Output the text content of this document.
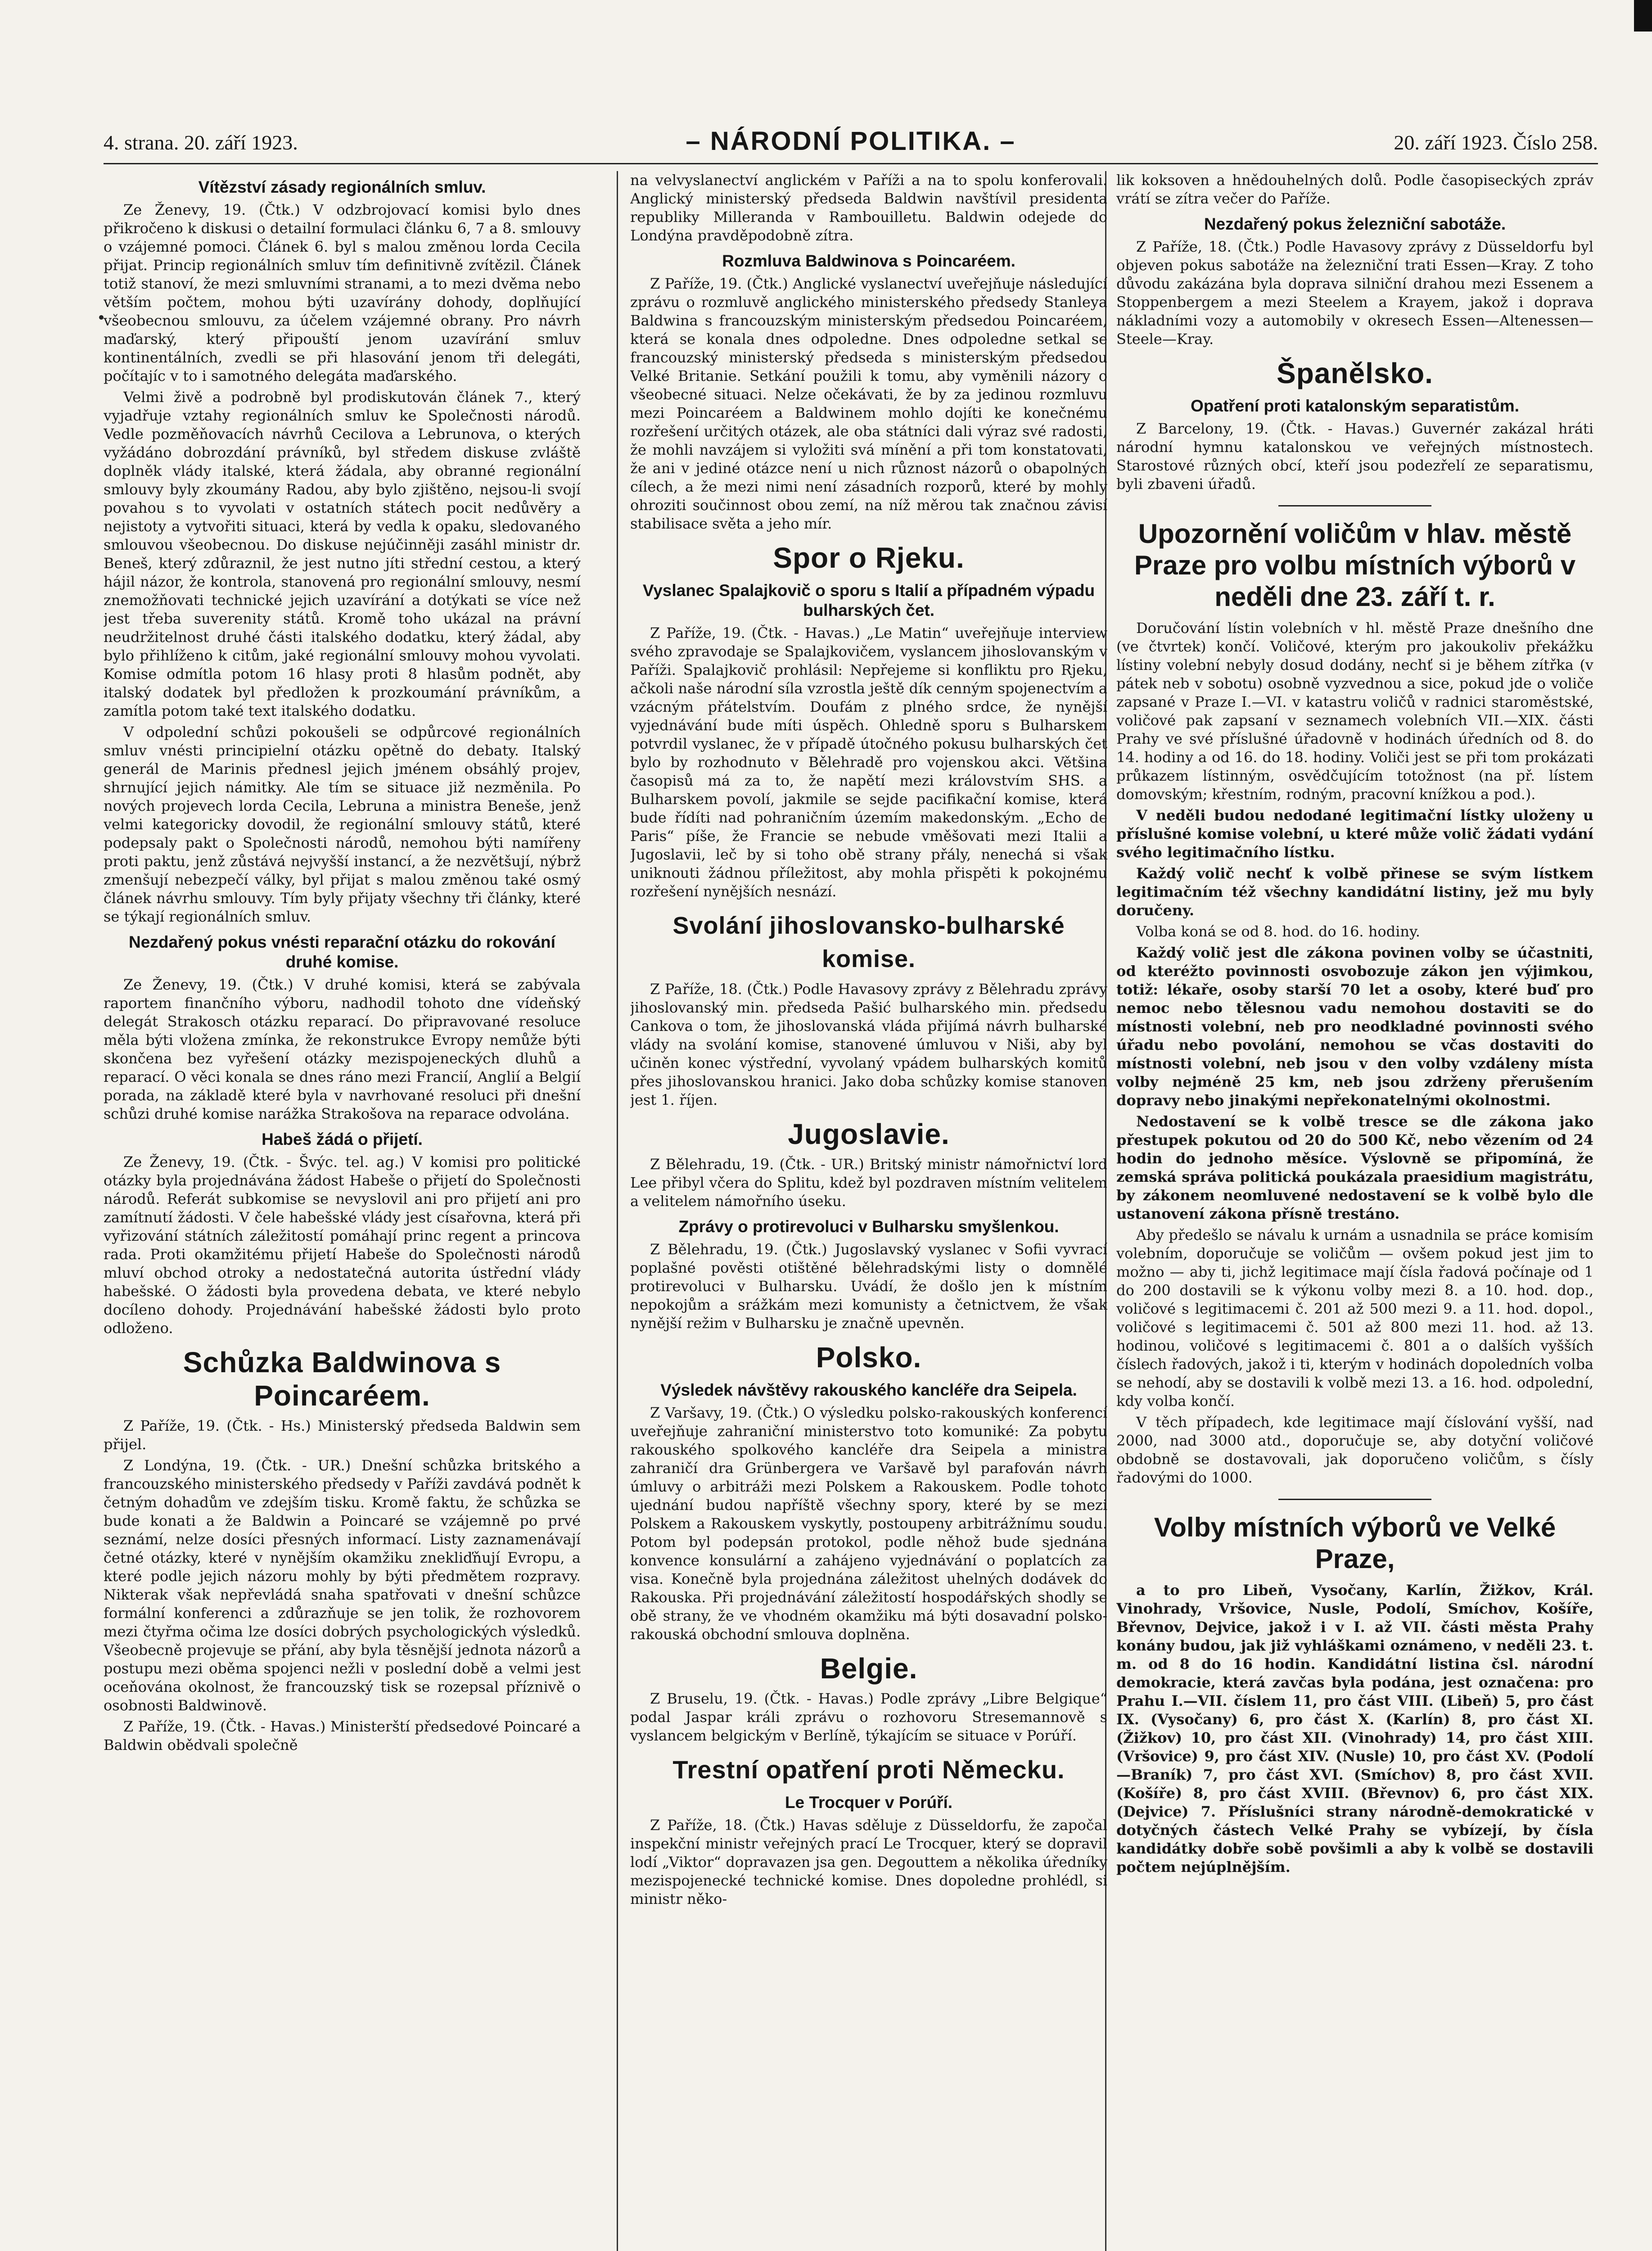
4. strana. 20. září 1923.	– NÁRODNÍ POLITIKA. –	20. září 1923. Číslo 258.
Vítězství zásady regionálních smluv.

Ze Ženevy, 19. (Čtk.) V odzbrojovací komisi bylo dnes přikročeno k diskusi o detailní formulaci článku 6, 7 a 8. smlouvy o vzájemné pomoci. Článek 6. byl s malou změnou lorda Cecila přijat. Princip regionálních smluv tím definitivně zvítězil. Článek totiž stanoví, že mezi smluvními stranami, a to mezi dvěma nebo větším počtem, mohou býti uzavírány dohody, doplňující všeobecnou smlouvu, za účelem vzájemné obrany. Pro návrh maďarský, který připouští jenom uzavírání smluv kontinentálních, zvedli se při hlasování jenom tři delegáti, počítajíc v to i samotného delegáta maďarského.

Velmi živě a podrobně byl prodiskutován článek 7., který vyjadřuje vztahy regionálních smluv ke Společnosti národů. Vedle pozměňovacích návrhů Cecilova a Lebrunova, o kterých vyžádáno dobrozdání právníků, byl středem diskuse zvláště doplněk vlády italské, která žádala, aby obranné regionální smlouvy byly zkoumány Radou, aby bylo zjištěno, nejsou-li svojí povahou s to vyvolati v ostatních státech pocit nedůvěry a nejistoty a vytvořiti situaci, která by vedla k opaku, sledovaného smlouvou všeobecnou. Do diskuse nejúčinněji zasáhl ministr dr. Beneš, který zdůraznil, že jest nutno jíti střední cestou, a který hájil názor, že kontrola, stanovená pro regionální smlouvy, nesmí znemožňovati technické jejich uzavírání a dotýkati se více než jest třeba suverenity států. Kromě toho ukázal na právní neudržitelnost druhé části italského dodatku, který žádal, aby bylo přihlíženo k citům, jaké regionální smlouvy mohou vyvolati. Komise odmítla potom 16 hlasy proti 8 hlasům podnět, aby italský dodatek byl předložen k prozkoumání právníkům, a zamítla potom také text italského dodatku.

V odpolední schůzi pokoušeli se odpůrcové regionálních smluv vnésti principielní otázku opětně do debaty. Italský generál de Marinis přednesl jejich jménem obsáhlý projev, shrnující jejich námitky. Ale tím se situace již nezměnila. Po nových projevech lorda Cecila, Lebruna a ministra Beneše, jenž velmi kategoricky dovodil, že regionální smlouvy států, které podepsaly pakt o Společnosti národů, nemohou býti namířeny proti paktu, jenž zůstává nejvyšší instancí, a že nezvětšují, nýbrž zmenšují nebezpečí války, byl přijat s malou změnou také osmý článek návrhu smlouvy. Tím byly přijaty všechny tři články, které se týkají regionálních smluv.

Nezdařený pokus vnésti reparační otázku do rokování druhé komise.

Ze Ženevy, 19. (Čtk.) V druhé komisi, která se zabývala raportem finančního výboru, nadhodil tohoto dne vídeňský delegát Strakosch otázku reparací. Do připravované resoluce měla býti vložena zmínka, že rekonstrukce Evropy nemůže býti skončena bez vyřešení otázky mezispojeneckých dluhů a reparací. O věci konala se dnes ráno mezi Francií, Anglií a Belgií porada, na základě které byla v navrhované resoluci při dnešní schůzi druhé komise narážka Strakošova na reparace odvolána.

Habeš žádá o přijetí.

Ze Ženevy, 19. (Čtk. - Švýc. tel. ag.) V komisi pro politické otázky byla projednávána žádost Habeše o přijetí do Společnosti národů. Referát subkomise se nevyslovil ani pro přijetí ani pro zamítnutí žádosti. V čele habešské vlády jest císařovna, která při vyřizování státních záležitostí pomáhají princ regent a princova rada. Proti okamžitému přijetí Habeše do Společnosti národů mluví obchod otroky a nedostatečná autorita ústřední vlády habešské. O žádosti byla provedena debata, ve které nebylo docíleno dohody. Projednávání habešské žádosti bylo proto odloženo.

Schůzka Baldwinova s Poincaréem.

Z Paříže, 19. (Čtk. - Hs.) Ministerský předseda Baldwin sem přijel.

Z Londýna, 19. (Čtk. - UR.) Dnešní schůzka britského a francouzského ministerského předsedy v Paříži zavdává podnět k četným dohadům ve zdejším tisku. Kromě faktu, že schůzka se bude konati a že Baldwin a Poincaré se vzájemně po prvé seznámí, nelze dosíci přesných informací. Listy zaznamenávají četné otázky, které v nynějším okamžiku znekliďňují Evropu, a které podle jejich názoru mohly by býti předmětem rozpravy. Nikterak však nepřevládá snaha spatřovati v dnešní schůzce formální konferenci a zdůrazňuje se jen tolik, že rozhovorem mezi čtyřma očima lze dosíci dobrých psychologických výsledků. Všeobecně projevuje se přání, aby byla těsnější jednota názorů a postupu mezi oběma spojenci nežli v poslední době a velmi jest oceňována okolnost, že francouzský tisk se rozepsal příznivě o osobnosti Baldwinově.

Z Paříže, 19. (Čtk. - Havas.) Ministerští předsedové Poincaré a Baldwin obědvali společně

na velvyslanectví anglickém v Paříži a na to spolu konferovali. Anglický ministerský předseda Baldwin navštívil presidenta republiky Milleranda v Rambouilletu. Baldwin odejede do Londýna pravděpodobně zítra.

Rozmluva Baldwinova s Poincaréem.

Z Paříže, 19. (Čtk.) Anglické vyslanectví uveřejňuje následující zprávu o rozmluvě anglického ministerského předsedy Stanleya Baldwina s francouzským ministerským předsedou Poincaréem, která se konala dnes odpoledne. Dnes odpoledne setkal se francouzský ministerský předseda s ministerským předsedou Velké Britanie. Setkání použili k tomu, aby vyměnili názory o všeobecné situaci. Nelze očekávati, že by za jedinou rozmluvu mezi Poincaréem a Baldwinem mohlo dojíti ke konečnému rozřešení určitých otázek, ale oba státníci dali výraz své radosti, že mohli navzájem si vyložiti svá mínění a při tom konstatovati, že ani v jediné otázce není u nich různost názorů o obapolných cílech, a že mezi nimi není zásadních rozporů, které by mohly ohroziti součinnost obou zemí, na níž měrou tak značnou závisí stabilisace světa a jeho mír.

Spor o Rjeku.
Vyslanec Spalajkovič o sporu s Italií a případném výpadu bulharských čet.

Z Paříže, 19. (Čtk. - Havas.) „Le Matin“ uveřejňuje interview svého zpravodaje se Spalajkovičem, vyslancem jihoslovanským v Paříži. Spalajkovič prohlásil: Nepřejeme si konfliktu pro Rjeku, ačkoli naše národní síla vzrostla ještě dík cenným spojenectvím a vzácným přátelstvím. Doufám z plného srdce, že nynější vyjednávání bude míti úspěch. Ohledně sporu s Bulharskem potvrdil vyslanec, že v případě útočného pokusu bulharských čet bylo by rozhodnuto v Bělehradě pro vojenskou akci. Většina časopisů má za to, že napětí mezi královstvím SHS. a Bulharskem povolí, jakmile se sejde pacifikační komise, která bude řídíti nad pohraničním územím makedonským. „Echo de Paris“ píše, že Francie se nebude vměšovati mezi Italii a Jugoslavii, leč by si toho obě strany přály, nenechá si však uniknouti žádnou příležitost, aby mohla přispěti k pokojnému rozřešení nynějších nesnází.

Svolání jihoslovansko-bulharské komise.

Z Paříže, 18. (Čtk.) Podle Havasovy zprávy z Bělehradu zprávy jihoslovanský min. předseda Pašić bulharského min. předsedu Cankova o tom, že jihoslovanská vláda přijímá návrh bulharské vlády na svolání komise, stanovené úmluvou v Niši, aby byl učiněn konec výstřední, vyvolaný vpádem bulharských komitů přes jihoslovanskou hranici. Jako doba schůzky komise stanoven jest 1. říjen.

Jugoslavie.

Z Bělehradu, 19. (Čtk. - UR.) Britský ministr námořnictví lord Lee přibyl včera do Splitu, kdež byl pozdraven místním velitelem a velitelem námořního úseku.

Zprávy o protirevoluci v Bulharsku smyšlenkou.

Z Bělehradu, 19. (Čtk.) Jugoslavský vyslanec v Sofii vyvrací poplašné pověsti otištěné bělehradskými listy o domnělé protirevoluci v Bulharsku. Uvádí, že došlo jen k místním nepokojům a srážkám mezi komunisty a četnictvem, že však nynější režim v Bulharsku je značně upevněn.

Polsko.
Výsledek návštěvy rakouského kancléře dra Seipela.

Z Varšavy, 19. (Čtk.) O výsledku polsko-rakouských konferencí uveřejňuje zahraniční ministerstvo toto komuniké: Za pobytu rakouského spolkového kancléře dra Seipela a ministra zahraničí dra Grünbergera ve Varšavě byl parafován návrh úmluvy o arbitráži mezi Polskem a Rakouskem. Podle tohoto ujednání budou napříště všechny spory, které by se mezi Polskem a Rakouskem vyskytly, postoupeny arbitrážnímu soudu. Potom byl podepsán protokol, podle něhož bude sjednána konvence konsulární a zahájeno vyjednávání o poplatcích za visa. Konečně byla projednána záležitost uhelných dodávek do Rakouska. Při projednávání záležitostí hospodářských shodly se obě strany, že ve vhodném okamžiku má býti dosavadní polsko-rakouská obchodní smlouva doplněna.

Belgie.

Z Bruselu, 19. (Čtk. - Havas.) Podle zprávy „Libre Belgique“ podal Jaspar králi zprávu o rozhovoru Stresemannově s vyslancem belgickým v Berlíně, týkajícím se situace v Porúří.

Trestní opatření proti Německu.
Le Trocquer v Porúří.

Z Paříže, 18. (Čtk.) Havas sděluje z Düsseldorfu, že započal inspekční ministr veřejných prací Le Trocquer, který se dopravil lodí „Viktor“ dopravazen jsa gen. Degouttem a několika úředníky mezispojenecké technické komise. Dnes dopoledne prohlédl, si ministr něko-

lik koksoven a hnědouhelných dolů. Podle časopiseckých zpráv vrátí se zítra večer do Paříže.

Nezdařený pokus železniční sabotáže.

Z Paříže, 18. (Čtk.) Podle Havasovy zprávy z Düsseldorfu byl objeven pokus sabotáže na železniční trati Essen—Kray. Z toho důvodu zakázána byla doprava silniční drahou mezi Essenem a Stoppenbergem a mezi Steelem a Krayem, jakož i doprava nákladními vozy a automobily v okresech Essen—Altenessen—Steele—Kray.

Španělsko.
Opatření proti katalonským separatistům.

Z Barcelony, 19. (Čtk. - Havas.) Guvernér zakázal hráti národní hymnu katalonskou ve veřejných místnostech. Starostové různých obcí, kteří jsou podezřelí ze separatismu, byli zbaveni úřadů.

Upozornění voličům v hlav. městě Praze pro volbu místních výborů v neděli dne 23. září t. r.

Doručování lístin volebních v hl. městě Praze dnešního dne (ve čtvrtek) končí. Voličové, kterým pro jakoukoliv překážku lístiny volební nebyly dosud dodány, nechť si je během zítřka (v pátek neb v sobotu) osobně vyzvednou a sice, pokud jde o voliče zapsané v Praze I.—VI. v katastru voličů v radnici staroměstské, voličové pak zapsaní v seznamech volebních VII.—XIX. části Prahy ve své příslušné úřadovně v hodinách úředních od 8. do 14. hodiny a od 16. do 18. hodiny. Voliči jest se při tom prokázati průkazem lístinným, osvědčujícím totožnost (na př. lístem domovským; křestním, rodným, pracovní knížkou a pod.).

V neděli budou nedodané legitimační lístky uloženy u příslušné komise volební, u které může volič žádati vydání svého legitimačního lístku.

Každý volič nechť k volbě přinese se svým lístkem legitimačním též všechny kandidátní listiny, jež mu byly doručeny.

Volba koná se od 8. hod. do 16. hodiny.

Každý volič jest dle zákona povinen volby se účastniti, od kteréžto povinnosti osvobozuje zákon jen výjimkou, totiž: lékaře, osoby starší 70 let a osoby, které buď pro nemoc nebo tělesnou vadu nemohou dostaviti se do místnosti volební, neb pro neodkladné povinnosti svého úřadu nebo povolání, nemohou se včas dostaviti do místnosti volební, neb jsou v den volby vzdáleny místa volby nejméně 25 km, neb jsou zdrženy přerušením dopravy nebo jinakými nepřekonatelnými okolnostmi.

Nedostavení se k volbě tresce se dle zákona jako přestupek pokutou od 20 do 500 Kč, nebo vězením od 24 hodin do jednoho měsíce. Výslovně se připomíná, že zemská správa politická poukázala praesidium magistrátu, by zákonem neomluvené nedostavení se k volbě bylo dle ustanovení zákona přísně trestáno.

Aby předešlo se návalu k urnám a usnadnila se práce komisím volebním, doporučuje se voličům — ovšem pokud jest jim to možno — aby ti, jichž legitimace mají čísla řadová počínaje od 1 do 200 dostavili se k výkonu volby mezi 8. a 10. hod. dop., voličové s legitimacemi č. 201 až 500 mezi 9. a 11. hod. dopol., voličové s legitimacemi č. 501 až 800 mezi 11. hod. až 13. hodinou, voličové s legitimacemi č. 801 a o dalších vyšších číslech řadových, jakož i ti, kterým v hodinách dopoledních volba se nehodí, aby se dostavili k volbě mezi 13. a 16. hod. odpolední, kdy volba končí.

V těch případech, kde legitimace mají číslování vyšší, nad 2000, nad 3000 atd., doporučuje se, aby dotyční voličové obdobně se dostavovali, jak doporučeno voličům, s čísly řadovými do 1000.

Volby místních výborů ve Velké Praze,

a to pro Libeň, Vysočany, Karlín, Žižkov, Král. Vinohrady, Vršovice, Nusle, Podolí, Smíchov, Košíře, Břevnov, Dejvice, jakož i v I. až VII. části města Prahy konány budou, jak již vyhláškami oznámeno, v neděli 23. t. m. od 8 do 16 hodin. Kandidátní listina čsl. národní demokracie, která zavčas byla podána, jest označena: pro Prahu I.—VII. číslem 11, pro část VIII. (Libeň) 5, pro část IX. (Vysočany) 6, pro část X. (Karlín) 8, pro část XI. (Žižkov) 10, pro část XII. (Vinohrady) 14, pro část XIII. (Vršovice) 9, pro část XIV. (Nusle) 10, pro část XV. (Podolí—Braník) 7, pro část XVI. (Smíchov) 8, pro část XVII. (Košíře) 8, pro část XVIII. (Břevnov) 6, pro část XIX. (Dejvice) 7. Příslušníci strany národně-demokratické v dotyčných částech Velké Prahy se vybízejí, by čísla kandidátky dobře sobě povšimli a aby k volbě se dostavili počtem nejúplnějším.
